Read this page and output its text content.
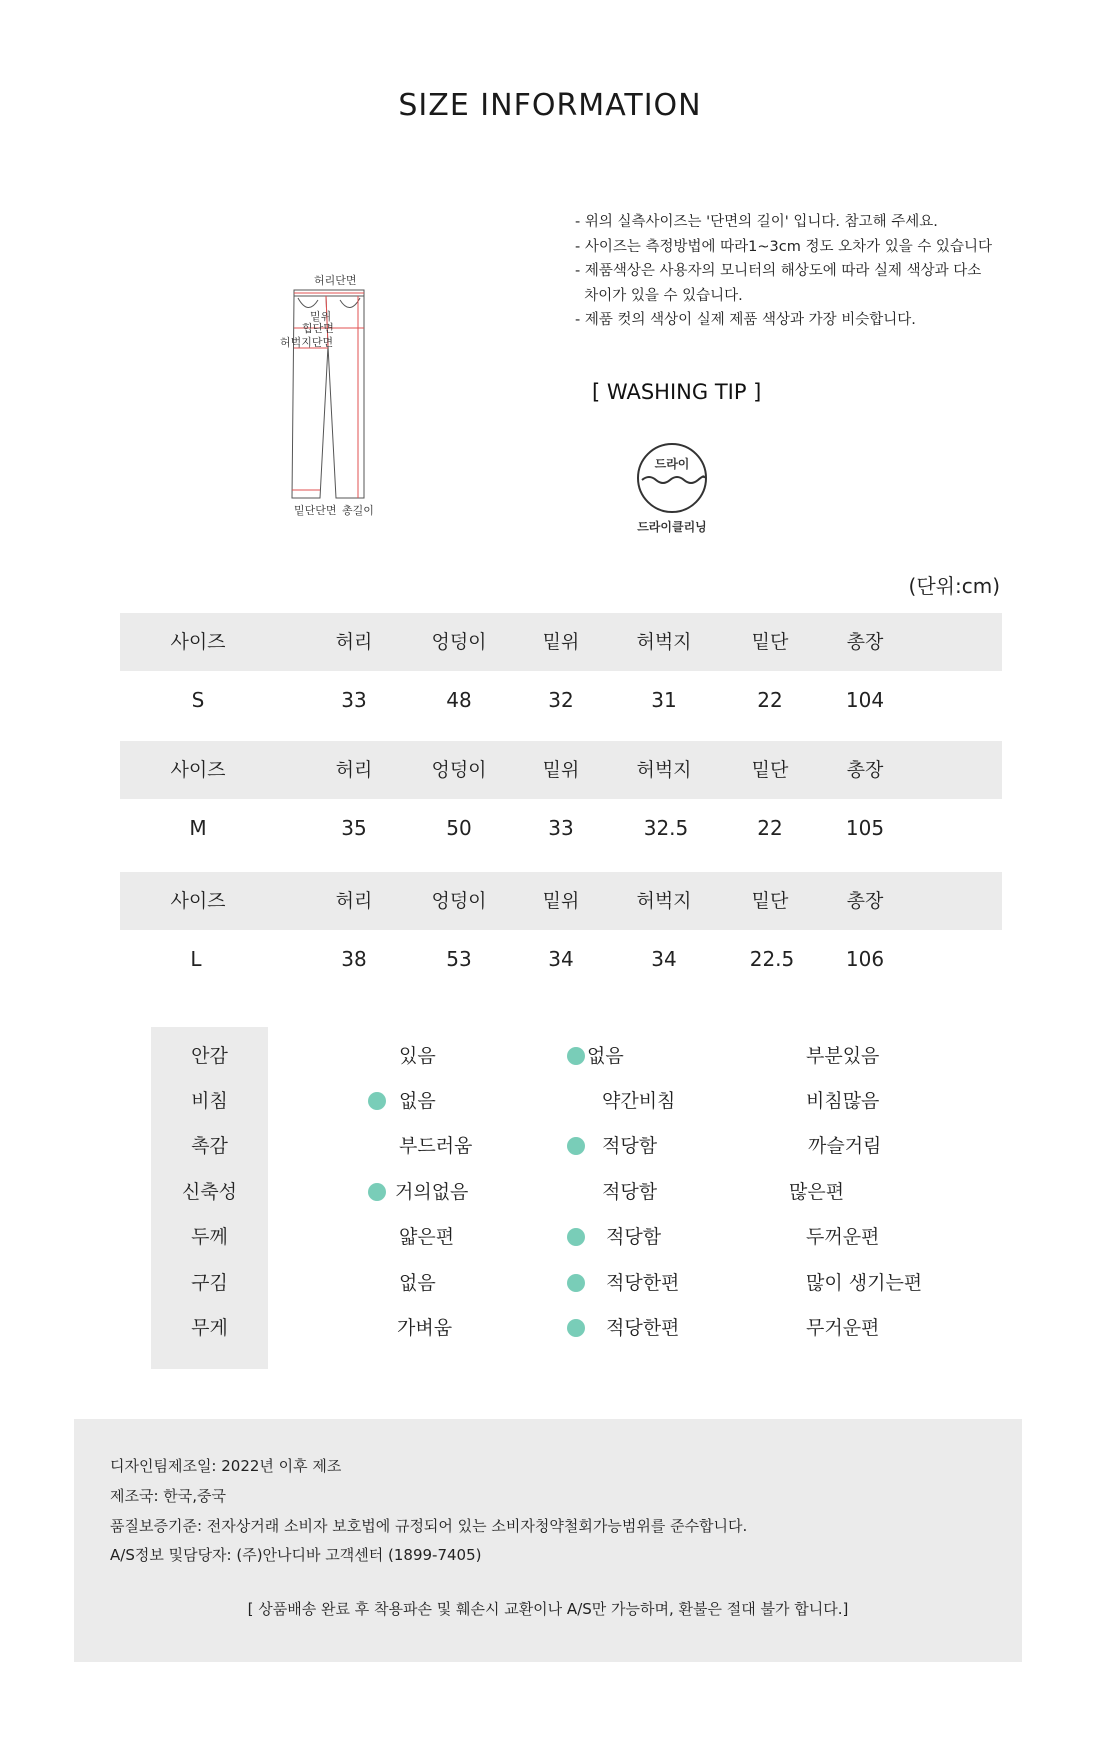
SIZE INFORMATION
허리단면
밑위
힙단면
허벅지단면
밑단단면 총길이
- 위의 실측사이즈는 '단면의 길이' 입니다. 참고해 주세요.
- 사이즈는 측정방법에 따라1~3cm 정도 오차가 있을 수 있습니다
- 제품색상은 사용자의 모니터의 해상도에 따라 실제 색상과 다소
차이가 있을 수 있습니다.
- 제품 컷의 색상이 실제 제품 색상과 가장 비슷합니다.
[ WASHING TIP ]
드라이
드라이클리닝
(단위:cm)
사이즈	허리	엉덩이	밑위	허벅지	밑단	총장
S	33	48	32	31	22	104
사이즈	허리	엉덩이	밑위	허벅지	밑단	총장
M	35	50	33	32.5	22	105
사이즈	허리	엉덩이	밑위	허벅지	밑단	총장
L	38	53	34	34	22.5	106
안감	있음	없음	부분있음
비침	없음	약간비침	비침많음
촉감	부드러움	적당함	까슬거림
신축성	거의없음	적당함	많은편
두께	얇은편	적당함	두꺼운편
구김	없음	적당한편	많이 생기는편
무게	가벼움	적당한편	무거운편
디자인팀제조일: 2022년 이후 제조
제조국: 한국,중국
품질보증기준: 전자상거래 소비자 보호법에 규정되어 있는 소비자청약철회가능범위를 준수합니다.
A/S정보 및담당자: (주)안나디바 고객센터 (1899-7405)
[ 상품배송 완료 후 착용파손 및 훼손시 교환이나 A/S만 가능하며, 환불은 절대 불가 합니다.]
